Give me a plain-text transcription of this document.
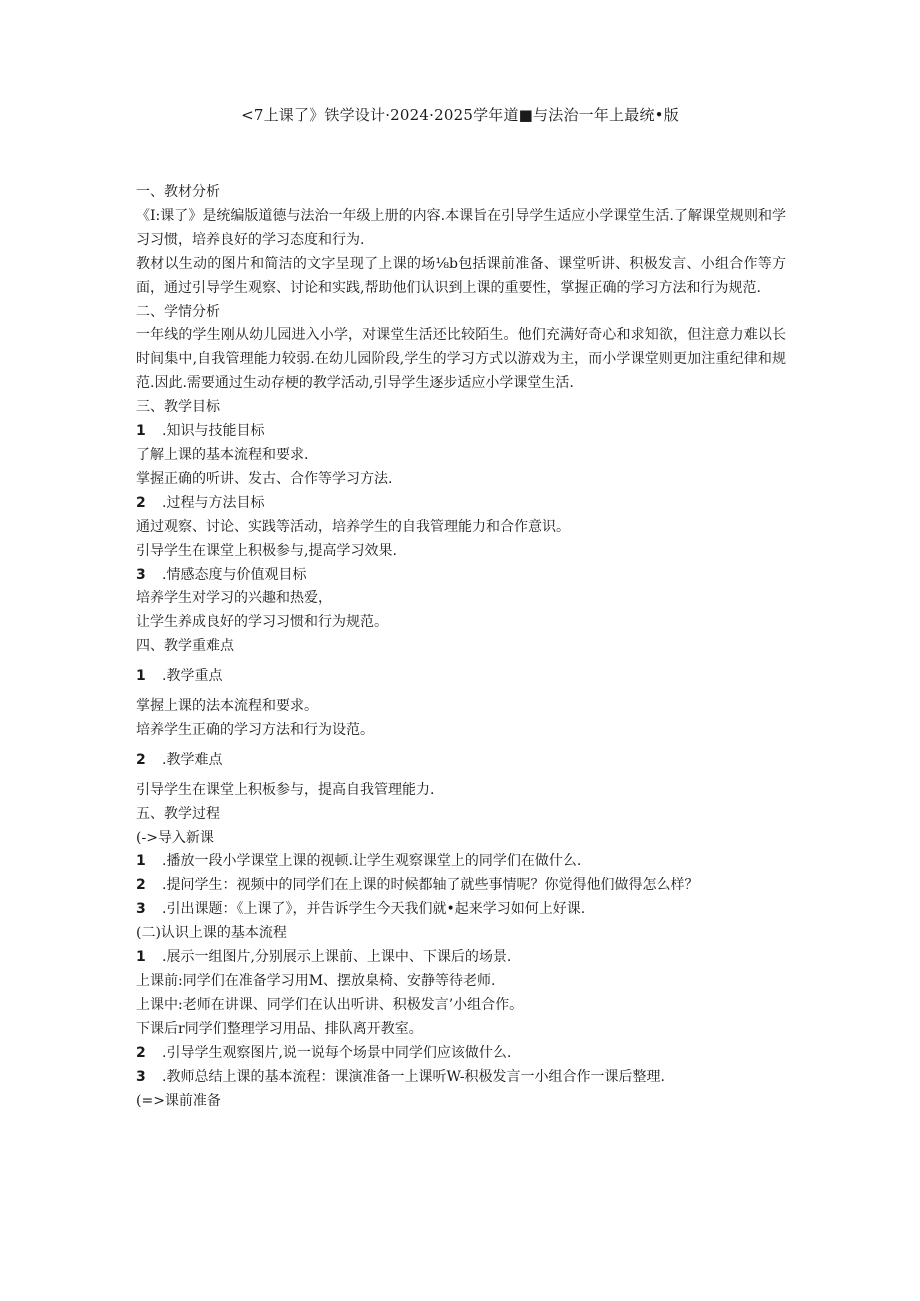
<7上课了》铁学设计·2024·2025学年道■与法治一年上最统•版
一、教材分析
《I:课了》是统编版道德与法治一年级上册的内容.本课旨在引导学生适应小学课堂生活.了解课堂规则和学习习惯，培养良好的学习态度和行为.
教材以生动的图片和简洁的文字呈现了上课的场⅛b包括课前准备、课堂听讲、积极发言、小组合作等方面，通过引导学生观察、讨论和实践,帮助他们认识到上课的重要性，掌握正确的学习方法和行为规范.
二、学情分析
一年线的学生刚从幼儿园进入小学，对课堂生活还比较陌生。他们充满好奇心和求知欲，但注意力难以长时间集中,自我管理能力较弱.在幼儿园阶段,学生的学习方式以游戏为主，而小学课堂则更加注重纪律和规范.因此.需要通过生动存梗的教学活动,引导学生逐步适应小学课堂生活.
三、教学目标
1 .知识与技能目标
了解上课的基本流程和要求.
掌握正确的听讲、发古、合作等学习方法.
2 .过程与方法目标
通过观察、讨论、实践等活动，培养学生的自我管理能力和合作意识。
引导学生在课堂上积极参与,提高学习效果.
3 .情感态度与价值观目标
培养学生对学习的兴趣和热爱，
让学生养成良好的学习习惯和行为规范。
四、教学重难点
1 .教学重点
掌握上课的法本流程和要求。
培养学生正确的学习方法和行为设范。
2 .教学难点
引导学生在课堂上积板参与，提高自我管理能力.
五、教学过程
(->导入新课
1 .播放一段小学课堂上课的视顿.让学生观察课堂上的同学们在做什么.
2 .提问学生：视频中的同学们在上课的时候都轴了就些事情呢？你觉得他们做得怎么样？
3 .引出课题：《上课了》，并告诉学生今天我们就•起来学习如何上好课.
(二)认识上课的基本流程
1 .展示一组图片,分别展示上课前、上课中、下课后的场景.
上课前:同学们在准备学习用M、摆放臬椅、安静等待老师.
上课中:老师在讲课、同学们在认出听讲、积极发言’小组合作。
下课后r同学们整理学习用品、排队离开教室。
2 .引导学生观察图片,说一说每个场景中同学们应该做什么.
3 .教师总结上课的基本流程：课演准备一上课听W-积极发言一小组合作一课后整理.
(=>课前准备
